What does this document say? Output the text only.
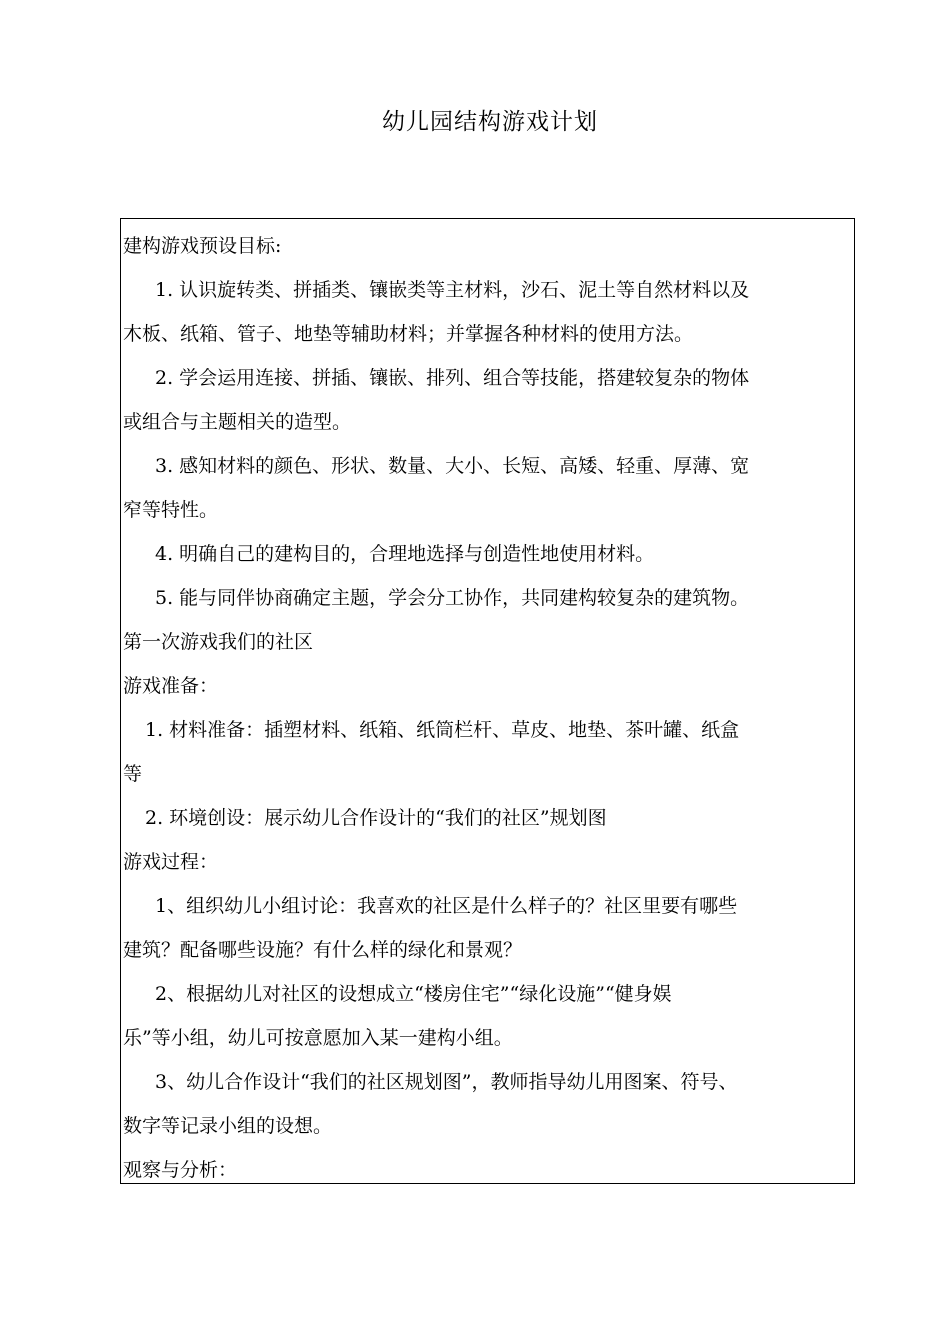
幼儿园结构游戏计划
建构游戏预设目标:
1. 认识旋转类、拼插类、镶嵌类等主材料，沙石、泥土等自然材料以及
木板、纸箱、管子、地垫等辅助材料；并掌握各种材料的使用方法。
2. 学会运用连接、拼插、镶嵌、排列、组合等技能，搭建较复杂的物体
或组合与主题相关的造型。
3. 感知材料的颜色、形状、数量、大小、长短、高矮、轻重、厚薄、宽
窄等特性。
4. 明确自己的建构目的，合理地选择与创造性地使用材料。
5. 能与同伴协商确定主题，学会分工协作，共同建构较复杂的建筑物。
第一次游戏我们的社区
游戏准备：
1. 材料准备：插塑材料、纸箱、纸筒栏杆、草皮、地垫、茶叶罐、纸盒
等
2. 环境创设：展示幼儿合作设计的“我们的社区”规划图
游戏过程：
1、组织幼儿小组讨论：我喜欢的社区是什么样子的？社区里要有哪些
建筑？配备哪些设施？有什么样的绿化和景观？
2、根据幼儿对社区的设想成立“楼房住宅”“绿化设施”“健身娱
乐”等小组，幼儿可按意愿加入某一建构小组。
3、幼儿合作设计“我们的社区规划图”，教师指导幼儿用图案、符号、
数字等记录小组的设想。
观察与分析：
